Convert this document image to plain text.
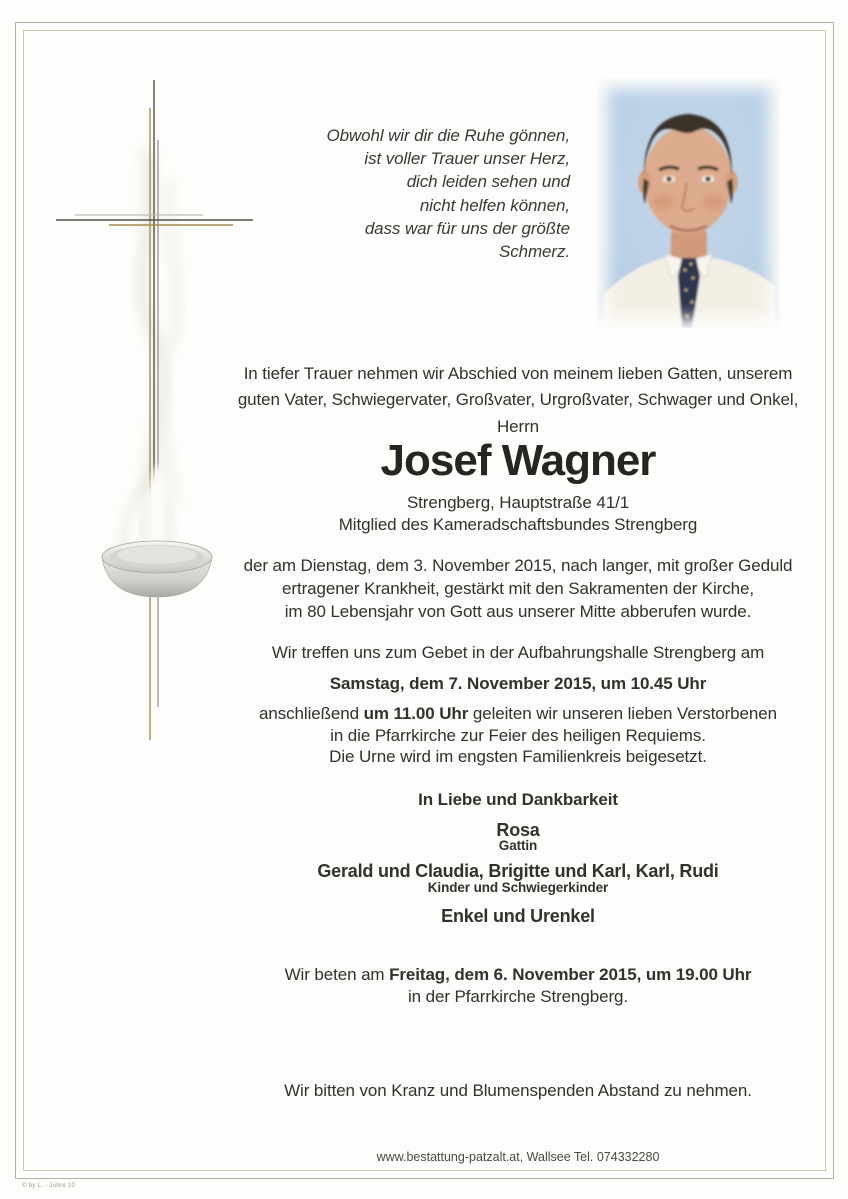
Obwohl wir dir die Ruhe gönnen,
ist voller Trauer unser Herz,
dich leiden sehen und
nicht helfen können,
dass war für uns der größte
Schmerz.
In tiefer Trauer nehmen wir Abschied von meinem lieben Gatten, unserem
guten Vater, Schwiegervater, Großvater, Urgroßvater, Schwager und Onkel,
Herrn
Josef Wagner
Strengberg, Hauptstraße 41/1
Mitglied des Kameradschaftsbundes Strengberg
der am Dienstag, dem 3. November 2015, nach langer, mit großer Geduld
ertragener Krankheit, gestärkt mit den Sakramenten der Kirche,
im 80 Lebensjahr von Gott aus unserer Mitte abberufen wurde.
Wir treffen uns zum Gebet in der Aufbahrungshalle Strengberg am
Samstag, dem 7. November 2015, um 10.45 Uhr
anschließend um 11.00 Uhr geleiten wir unseren lieben Verstorbenen
in die Pfarrkirche zur Feier des heiligen Requiems.
Die Urne wird im engsten Familienkreis beigesetzt.
In Liebe und Dankbarkeit
Rosa
Gattin
Gerald und Claudia, Brigitte und Karl, Karl, Rudi
Kinder und Schwiegerkinder
Enkel und Urenkel
Wir beten am Freitag, dem 6. November 2015, um 19.00 Uhr
in der Pfarrkirche Strengberg.
Wir bitten von Kranz und Blumenspenden Abstand zu nehmen.
www.bestattung-patzalt.at, Wallsee Tel. 074332280
© by L. - Juhre 10
